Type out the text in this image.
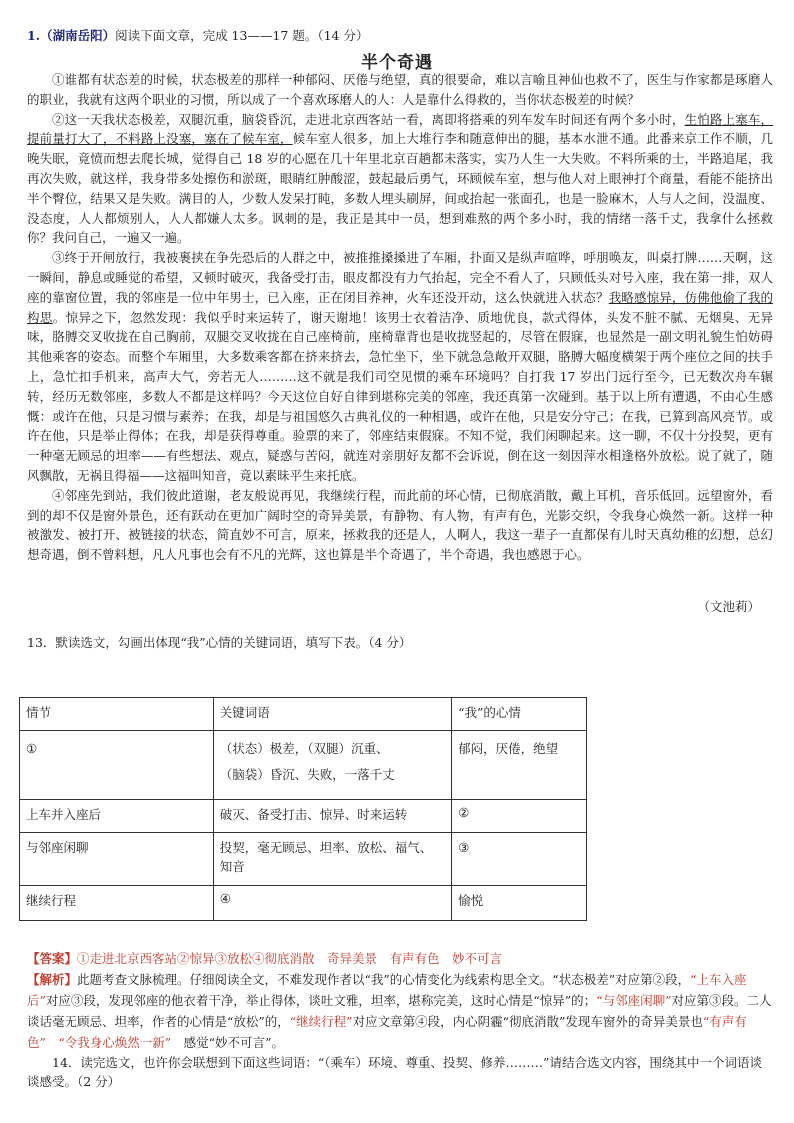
1.（湖南岳阳）阅读下面文章，完成 13——17 题。（14 分）
半个奇遇

①谁都有状态差的时候，状态极差的那样一种郁闷、厌倦与绝望，真的很要命，难以言喻且神仙也救不了，医生与作家都是琢磨人的职业，我就有这两个职业的习惯，所以成了一个喜欢琢磨人的人：人是靠什么得救的，当你状态极差的时候？

②这一天我状态极差，双腿沉重，脑袋昏沉，走进北京西客站一看，离即将搭乘的列车发车时间还有两个多小时，生怕路上塞车，提前量打大了，不料路上没塞，塞在了候车室，候车室人很多，加上大堆行李和随意伸出的腿，基本水泄不通。此番来京工作不顺，几晚失眠，竟愤而想去爬长城，觉得自己 18 岁的心愿在几十年里北京百趟都未落实，实乃人生一大失败。不料所乘的士，半路追尾，我再次失败，就这样，我身带多处擦伤和淤斑，眼睛红肿酸涩，鼓起最后勇气，环顾候车室，想与他人对上眼神打个商量，看能不能挤出半个臀位，结果又是失败。满目的人，少数人发呆打盹，多数人埋头刷屏，间或抬起一张面孔，也是一脸麻木，人与人之间，没温度、没态度，人人都烦别人，人人都嫌人太多。讽刺的是，我正是其中一员，想到难熬的两个多小时，我的情绪一落千丈，我拿什么拯救你？我问自己，一遍又一遍。

③终于开闸放行，我被裹挟在争先恐后的人群之中，被推推搡搡进了车厢，扑面又是纵声喧哗，呼朋唤友，叫桌打牌……天啊，这一瞬间，静息或睡觉的希望，又顿时破灭，我备受打击，眼皮都没有力气抬起，完全不看人了，只顾低头对号入座，我在第一排，双人座的靠窗位置，我的邻座是一位中年男士，已入座，正在闭目养神，火车还没开动，这么快就进入状态？我略感惊异，仿佛他偷了我的构思。惊异之下，忽然发现：我似乎时来运转了，谢天谢地！该男士衣着洁净、质地优良，款式得体，头发不脏不腻、无烟臭、无异味，胳膊交叉收拢在自己胸前，双腿交叉收拢在自己座椅前，座椅靠背也是收拢竖起的，尽管在假寐，也显然是一副文明礼貌生怕妨碍其他乘客的姿态。而整个车厢里，大多数乘客都在挤来挤去，急忙坐下，坐下就急急敞开双腿，胳膊大幅度横架于两个座位之间的扶手上，急忙扣手机来，高声大气，旁若无人………这不就是我们司空见惯的乘车环境吗？自打我 17 岁出门远行至今，已无数次舟车辗转，经历无数邻座，多数人不都是这样吗？今天这位自好自律到堪称完美的邻座，我还真第一次碰到。基于以上所有遭遇，不由心生感慨：或许在他，只是习惯与素养；在我，却是与祖国悠久古典礼仪的一种相遇，或许在他，只是安分守己；在我，已算到高风亮节。或许在他，只是举止得体；在我，却是获得尊重。验票的来了，邻座结束假寐。不知不觉，我们闲聊起来。这一聊，不仅十分投契，更有一种毫无顾忌的坦率——有些想法、观点，疑惑与苦闷，就连对亲朋好友都不会诉说，倒在这一刻因萍水相逢格外放松。说了就了，随风飘散，无祸且得福——这福叫知音，竟以素昧平生来托底。

④邻座先到站，我们彼此道谢，老友般说再见，我继续行程，而此前的坏心情，已彻底消散，戴上耳机，音乐低回。远望窗外，看到的却不仅是窗外景色，还有跃动在更加广阔时空的奇异美景，有静物、有人物，有声有色，光影交织，令我身心焕然一新。这样一种被激发、被打开、被链接的状态，简直妙不可言，原来，拯救我的还是人，人啊人，我这一辈子一直都保有儿时天真幼稚的幻想，总幻想奇遇，倒不曾料想，凡人凡事也会有不凡的光辉，这也算是半个奇遇了，半个奇遇，我也感恩于心。

（文池莉）
13．默读选文，勾画出体现“我”心情的关键词语，填写下表。（4 分）
情节	关键词语	“我”的心情
①	（状态）极差，（双腿）沉重、
（脑袋）昏沉、失败，一落千丈	郁闷，厌倦，绝望
上车并入座后	破灭、备受打击、惊异、时来运转	②
与邻座闲聊	投契，毫无顾忌、坦率、放松、福气、
知音	③
继续行程	④	愉悦
【答案】①走进北京西客站②惊异③放松④彻底消散　奇异美景　有声有色　妙不可言
【解析】此题考查文脉梳理。仔细阅读全文，不难发现作者以“我”的心情变化为线索构思全文。“状态极差”对应第②段，“上车入座后”对应③段，发现邻座的他衣着干净，举止得体，谈吐文雅，坦率，堪称完美，这时心情是“惊异”的；“与邻座闲聊”对应第③段。二人谈话毫无顾忌、坦率，作者的心情是“放松”的，“继续行程”对应文章第④段，内心阴霾“彻底消散”发现车窗外的奇异美景也“有声有色”　“令我身心焕然一新”　感觉“妙不可言”。
14．读完选文，也许你会联想到下面这些词语：“（乘车）环境、尊重、投契、修养………”请结合选文内容，围绕其中一个词语谈谈感受。（2 分）
